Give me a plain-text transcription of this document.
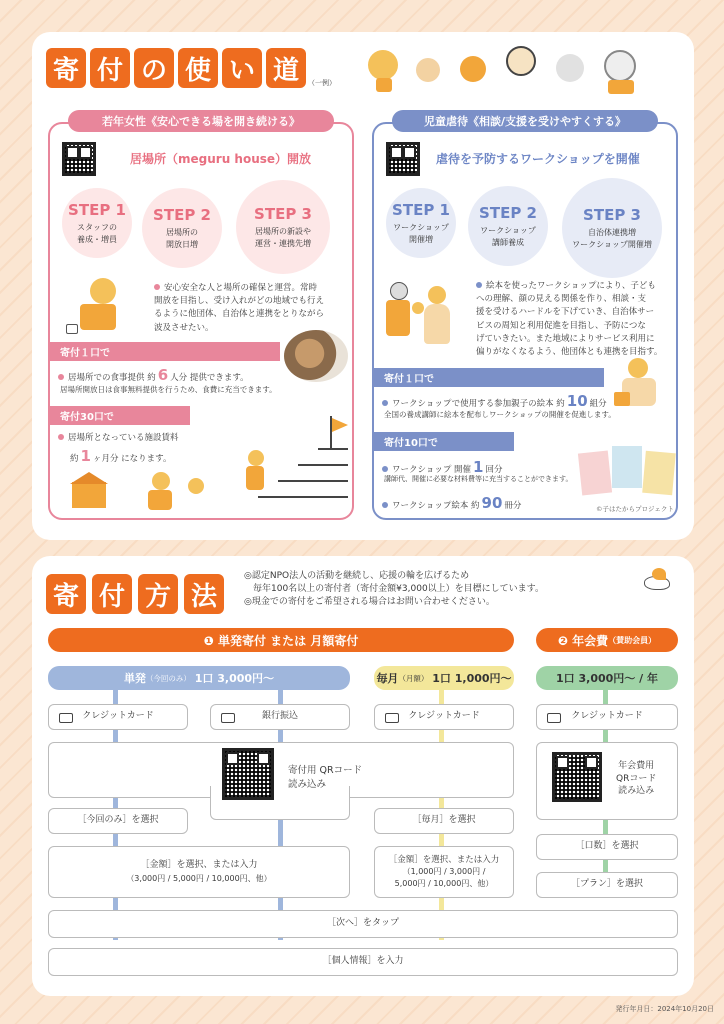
寄 付 の 使 い 道	（一例）
若年女性《安心できる場を開き続ける》
居場所（meguru house）開放
STEP 1
スタッフの
養成・増員
STEP 2
居場所の
開放日増
STEP 3
居場所の新設や
運営・連携先増
安心安全な人と場所の確保と運営。常時
開放を目指し、受け入れがどの地域でも行え
るように他団体、自治体と連携をとりながら
波及させたい。
寄付１口で
居場所での食事提供 約 6 人分 提供できます。
居場所開放日は食事無料提供を行うため、食費に充当できます。
寄付30口で
居場所となっている施設賃料
約 1 ヶ月分 になります。
児童虐待《相談/支援を受けやすくする》
虐待を予防するワークショップを開催
STEP 1
ワークショップ
開催増
STEP 2
ワークショップ
講師養成
STEP 3
自治体連携増
ワークショップ開催増
絵本を使ったワークショップにより、子ども
への理解、顔の見える関係を作り、相談・支
援を受けるハードルを下げていき、自治体サー
ビスの周知と利用促進を目指し、予防につな
げていきたい。また地域によりサービス利用に
偏りがなくなるよう、他団体とも連携を目指す。
寄付１口で
ワークショップで使用する参加親子の絵本 約 10 組分
全国の養成講師に絵本を配布しワークショップの開催を促進します。
寄付10口で
ワークショップ 開催 1 回分
講師代、開催に必要な材料費等に充当することができます。
ワークショップ絵本 約 90 冊分	©子はたからプロジェクト
寄 付 方 法
◎認定NPO法人の活動を継続し、応援の輪を広げるため
　毎年100名以上の寄付者（寄付金額¥3,000以上）を目標にしています。
◎現金での寄付をご希望される場合はお問い合わせください。
❶ 単発寄付 または 月額寄付	❷ 年会費 （賛助会員）
単発 （今回のみ）
1口 3,000円〜	毎月 （月額）
1口 1,000円〜	1口 3,000円〜 / 年
クレジットカード	銀行振込	クレジットカード	クレジットカード
寄付用 QRコード
読み込み
年会費用
QRコード
読み込み
［今回のみ］を選択	［毎月］を選択
［口数］を選択
［金額］を選択、または入力
（3,000円 / 5,000円 / 10,000円、他）
［金額］を選択、または入力
（1,000円 / 3,000円 /
5,000円 / 10,000円、他）	［プラン］を選択
［次へ］をタップ
［個人情報］を入力
発行年月日：2024年10月20日
